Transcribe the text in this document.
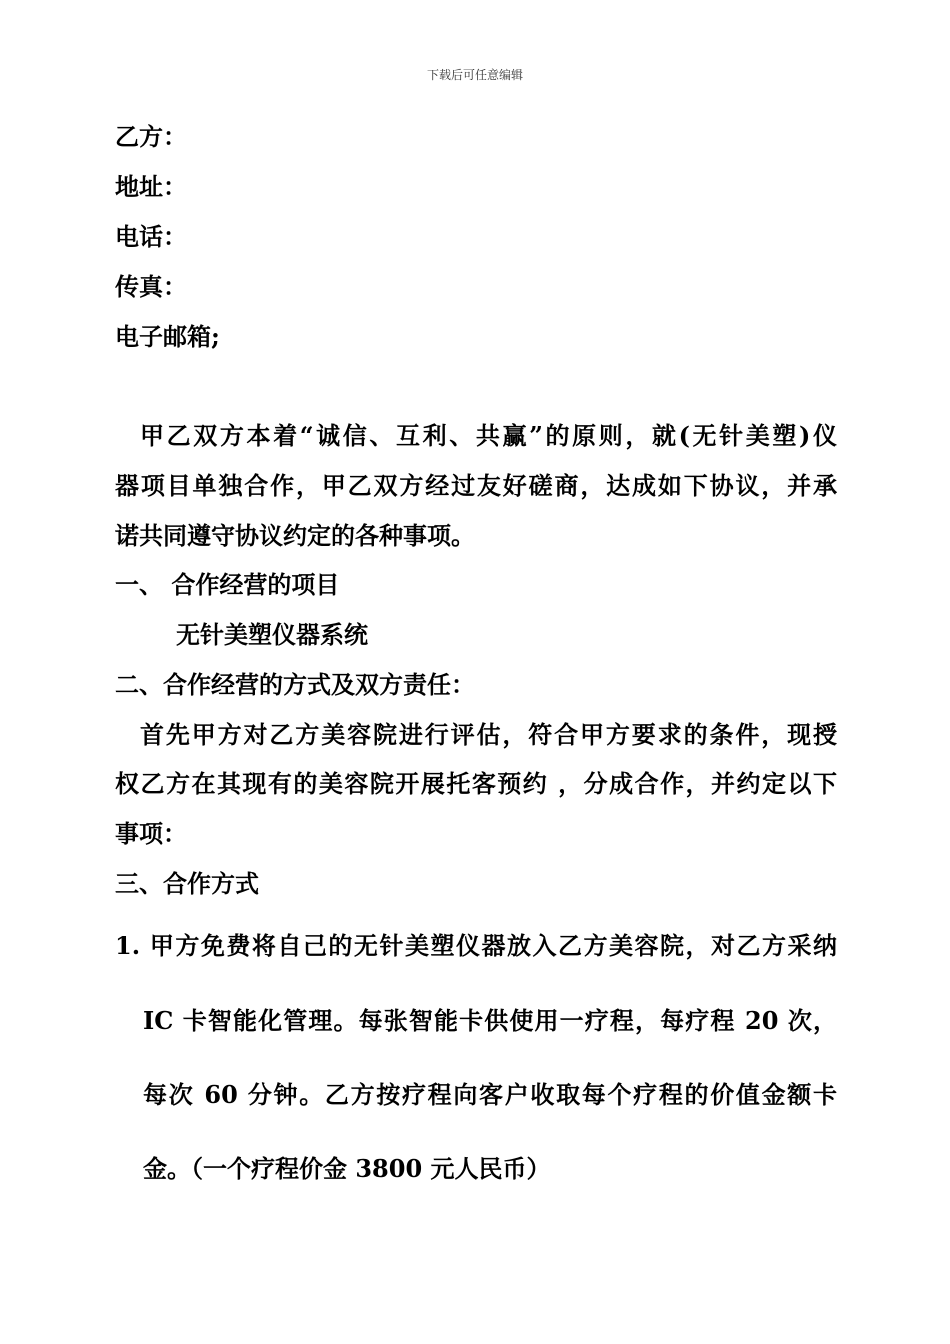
下载后可任意编辑
乙方：
地址：
电话：
传真：
电子邮箱;
甲乙双方本着“诚信、互利、共赢”的原则，就(无针美塑)仪
器项目单独合作，甲乙双方经过友好磋商，达成如下协议，并承
诺共同遵守协议约定的各种事项。
一、 合作经营的项目
无针美塑仪器系统
二、合作经营的方式及双方责任：
首先甲方对乙方美容院进行评估，符合甲方要求的条件，现授
权乙方在其现有的美容院开展托客预约 ，分成合作，并约定以下
事项：
三、合作方式
1. 甲方免费将自己的无针美塑仪器放入乙方美容院，对乙方采纳
IC 卡智能化管理。每张智能卡供使用一疗程，每疗程 20 次，
每次 60 分钟。乙方按疗程向客户收取每个疗程的价值金额卡
金。（一个疗程价金 3800 元人民币）
